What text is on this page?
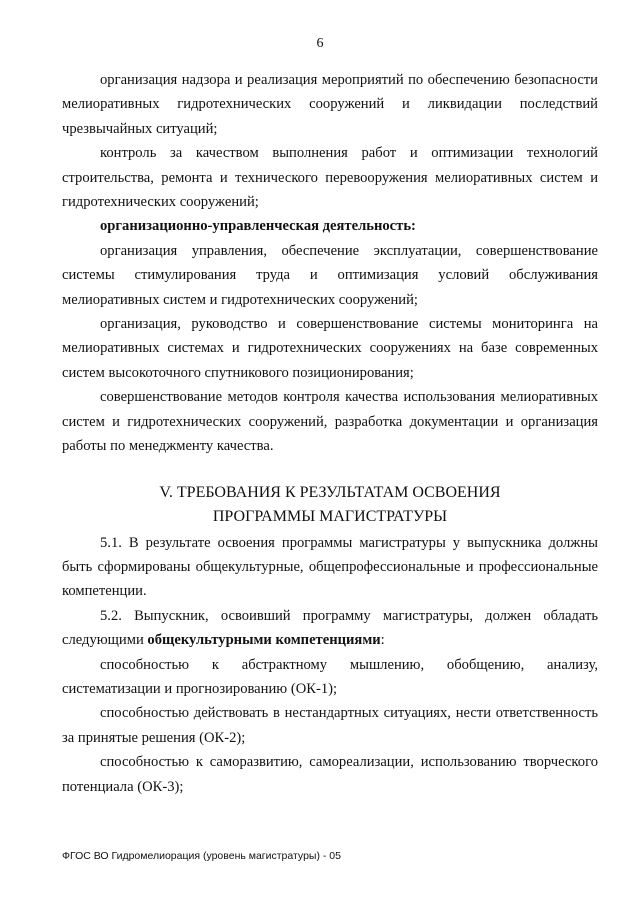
6

организация надзора и реализация мероприятий по обеспечению безопасности мелиоративных гидротехнических сооружений и ликвидации последствий чрезвычайных ситуаций;

контроль за качеством выполнения работ и оптимизации технологий строительства, ремонта и технического перевооружения мелиоративных систем и гидротехнических сооружений;

организационно-управленческая деятельность:

организация управления, обеспечение эксплуатации, совершенствование системы стимулирования труда и оптимизация условий обслуживания мелиоративных систем и гидротехнических сооружений;

организация, руководство и совершенствование системы мониторинга на мелиоративных системах и гидротехнических сооружениях на базе современных систем высокоточного спутникового позиционирования;

совершенствование методов контроля качества использования мелиоративных систем и гидротехнических сооружений, разработка документации и организация работы по менеджменту качества.

V. ТРЕБОВАНИЯ К РЕЗУЛЬТАТАМ ОСВОЕНИЯ
ПРОГРАММЫ МАГИСТРАТУРЫ

5.1. В результате освоения программы магистратуры у выпускника должны быть сформированы общекультурные, общепрофессиональные и профессиональные компетенции.

5.2. Выпускник, освоивший программу магистратуры, должен обладать следующими общекультурными компетенциями:

способностью к абстрактному мышлению, обобщению, анализу, систематизации и прогнозированию (ОК-1);

способностью действовать в нестандартных ситуациях, нести ответственность за принятые решения (ОК-2);

способностью к саморазвитию, самореализации, использованию творческого потенциала (ОК-3);

ФГОС ВО Гидромелиорация (уровень магистратуры) - 05
